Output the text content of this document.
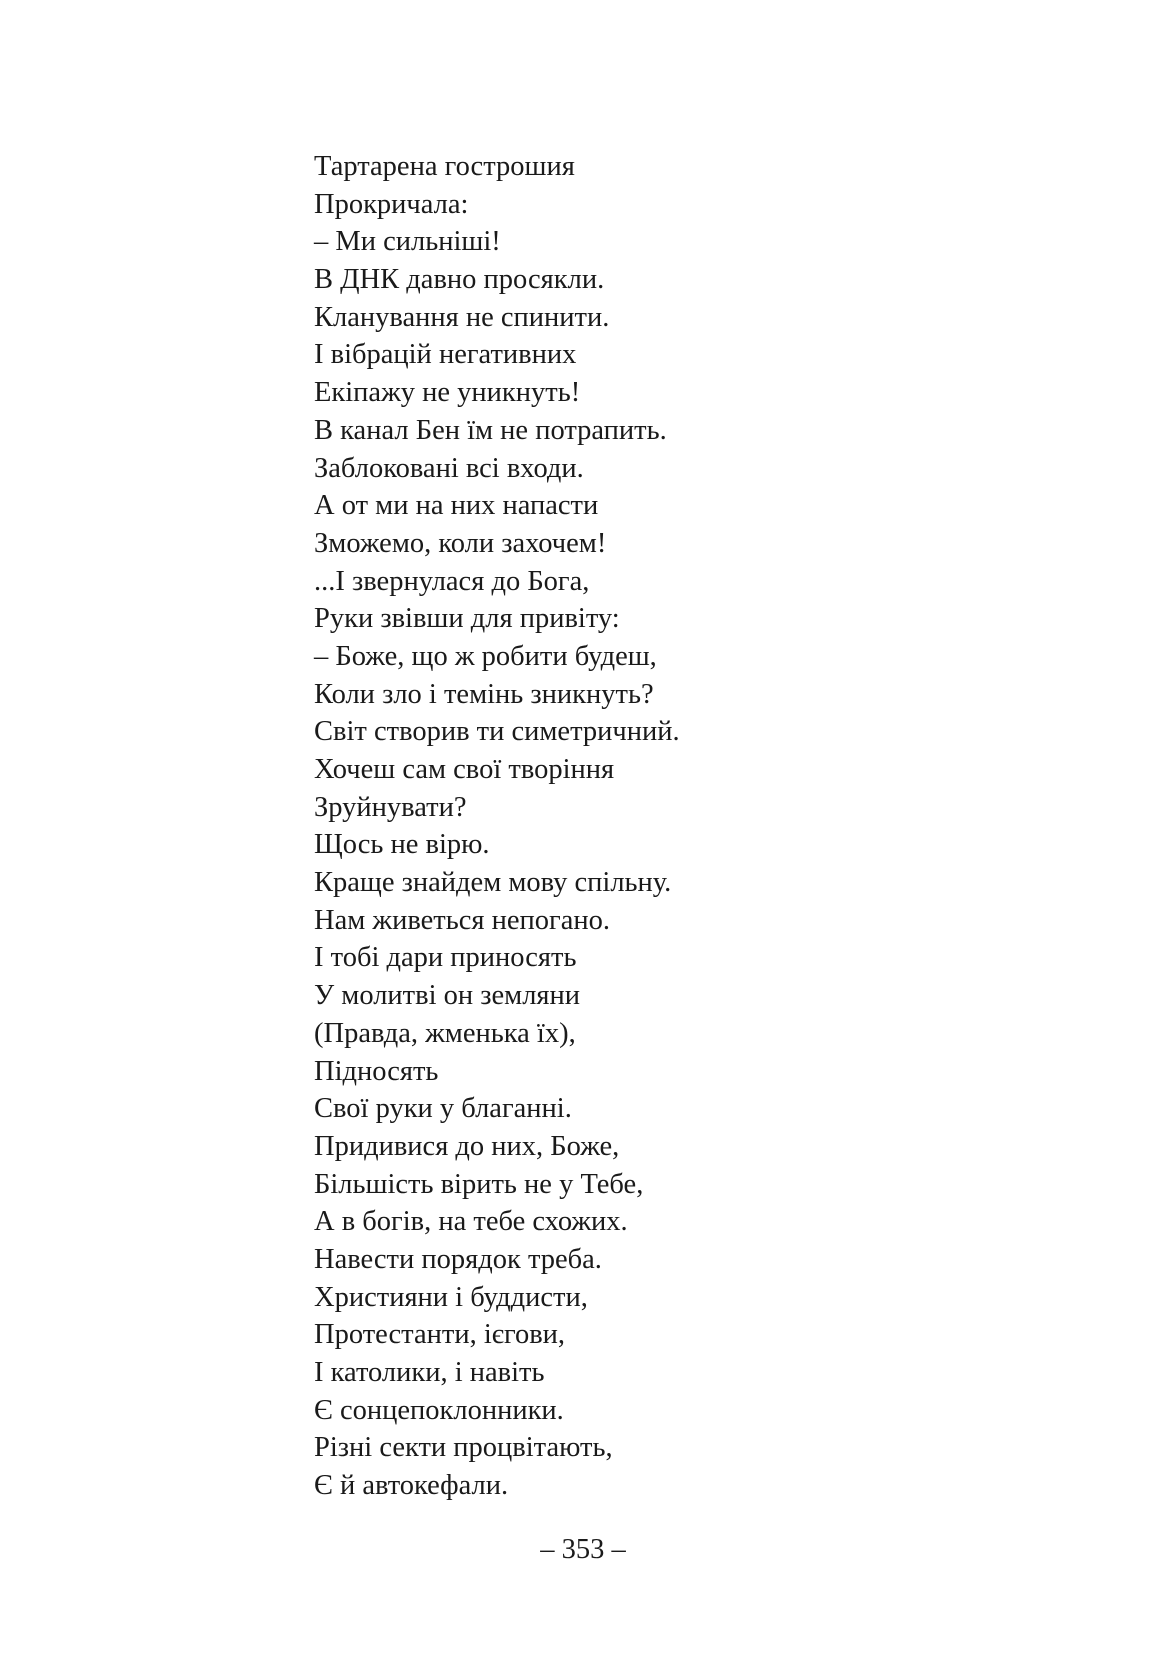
Тартарена гострошия
Прокричала:
– Ми сильніші!
В ДНК давно просякли.
Кланування не спинити.
І вібрацій негативних
Екіпажу не уникнуть!
В канал Бен їм не потрапить.
Заблоковані всі входи.
А от ми на них напасти
Зможемо, коли захочем!
...І звернулася до Бога,
Руки звівши для привіту:
– Боже, що ж робити будеш,
Коли зло і темінь зникнуть?
Світ створив ти симетричний.
Хочеш сам свої творіння
Зруйнувати?
Щось не вірю.
Краще знайдем мову спільну.
Нам живеться непогано.
І тобі дари приносять
У молитві он земляни
(Правда, жменька їх),
Підносять
Свої руки у благанні.
Придивися до них, Боже,
Більшість вірить не у Тебе,
А в богів, на тебе схожих.
Навести порядок треба.
Християни і буддисти,
Протестанти, ієгови,
І католики, і навіть
Є сонцепоклонники.
Різні секти процвітають,
Є й автокефали.
– 353 –
